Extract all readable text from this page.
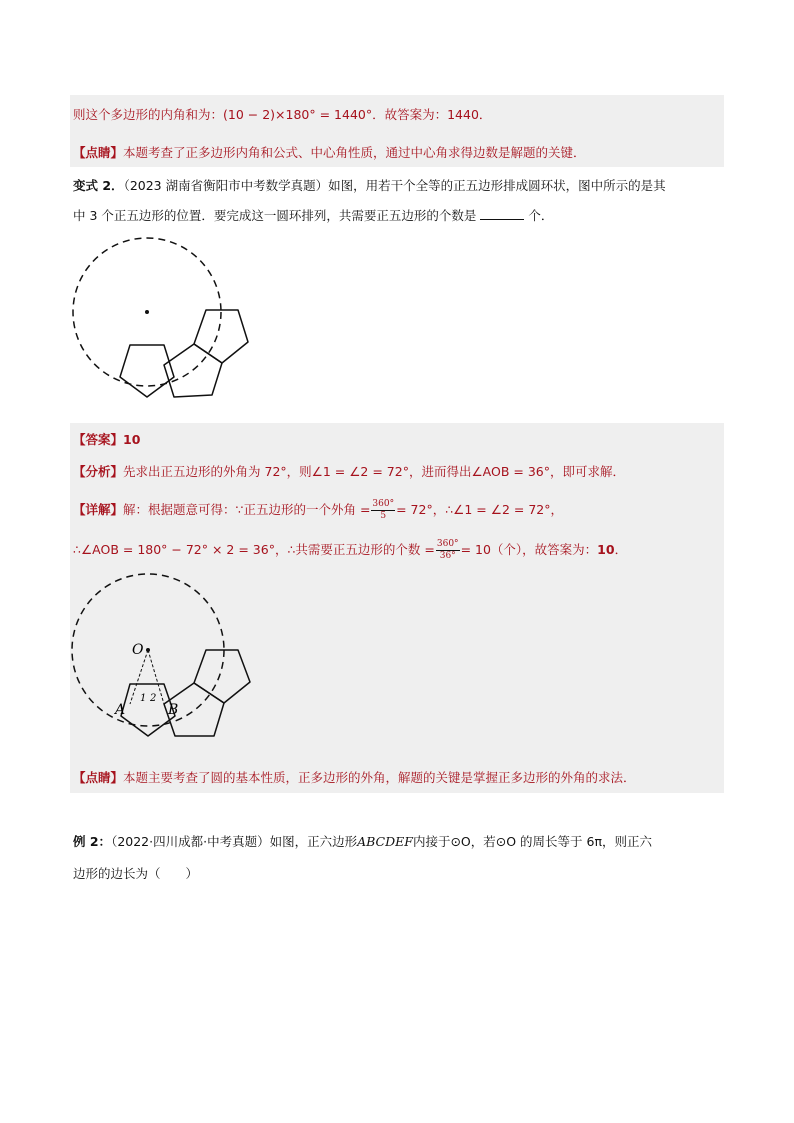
则这个多边形的内角和为：(10 − 2)×180° = 1440°．故答案为：1440．
【点睛】本题考查了正多边形内角和公式、中心角性质，通过中心角求得边数是解题的关键．
变式 2．（2023 湖南省衡阳市中考数学真题）如图，用若干个全等的正五边形排成圆环状，图中所示的是其
中 3 个正五边形的位置．要完成这一圆环排列，共需要正五边形的个数是	个．
【答案】10
【分析】先求出正五边形的外角为 72°，则∠1 = ∠2 = 72°，进而得出∠AOB = 36°，即可求解．
【详解】解：根据题意可得：∵正五边形的一个外角 = $\frac{360^\circ}{5} = 72^\circ$，∴∠1 = ∠2 = 72°，
∴∠AOB = 180° − 72° × 2 = 36°，∴共需要正五边形的个数 = $\frac{360^\circ}{36^\circ} = 10$（个），故答案为：10．
O
A	B
1 2
【点睛】本题主要考查了圆的基本性质，正多边形的外角，解题的关键是掌握正多边形的外角的求法．
例 2：（2022·四川成都·中考真题）如图，正六边形ABCDEF内接于⊙O，若⊙O 的周长等于 6π，则正六
边形的边长为（　　）
